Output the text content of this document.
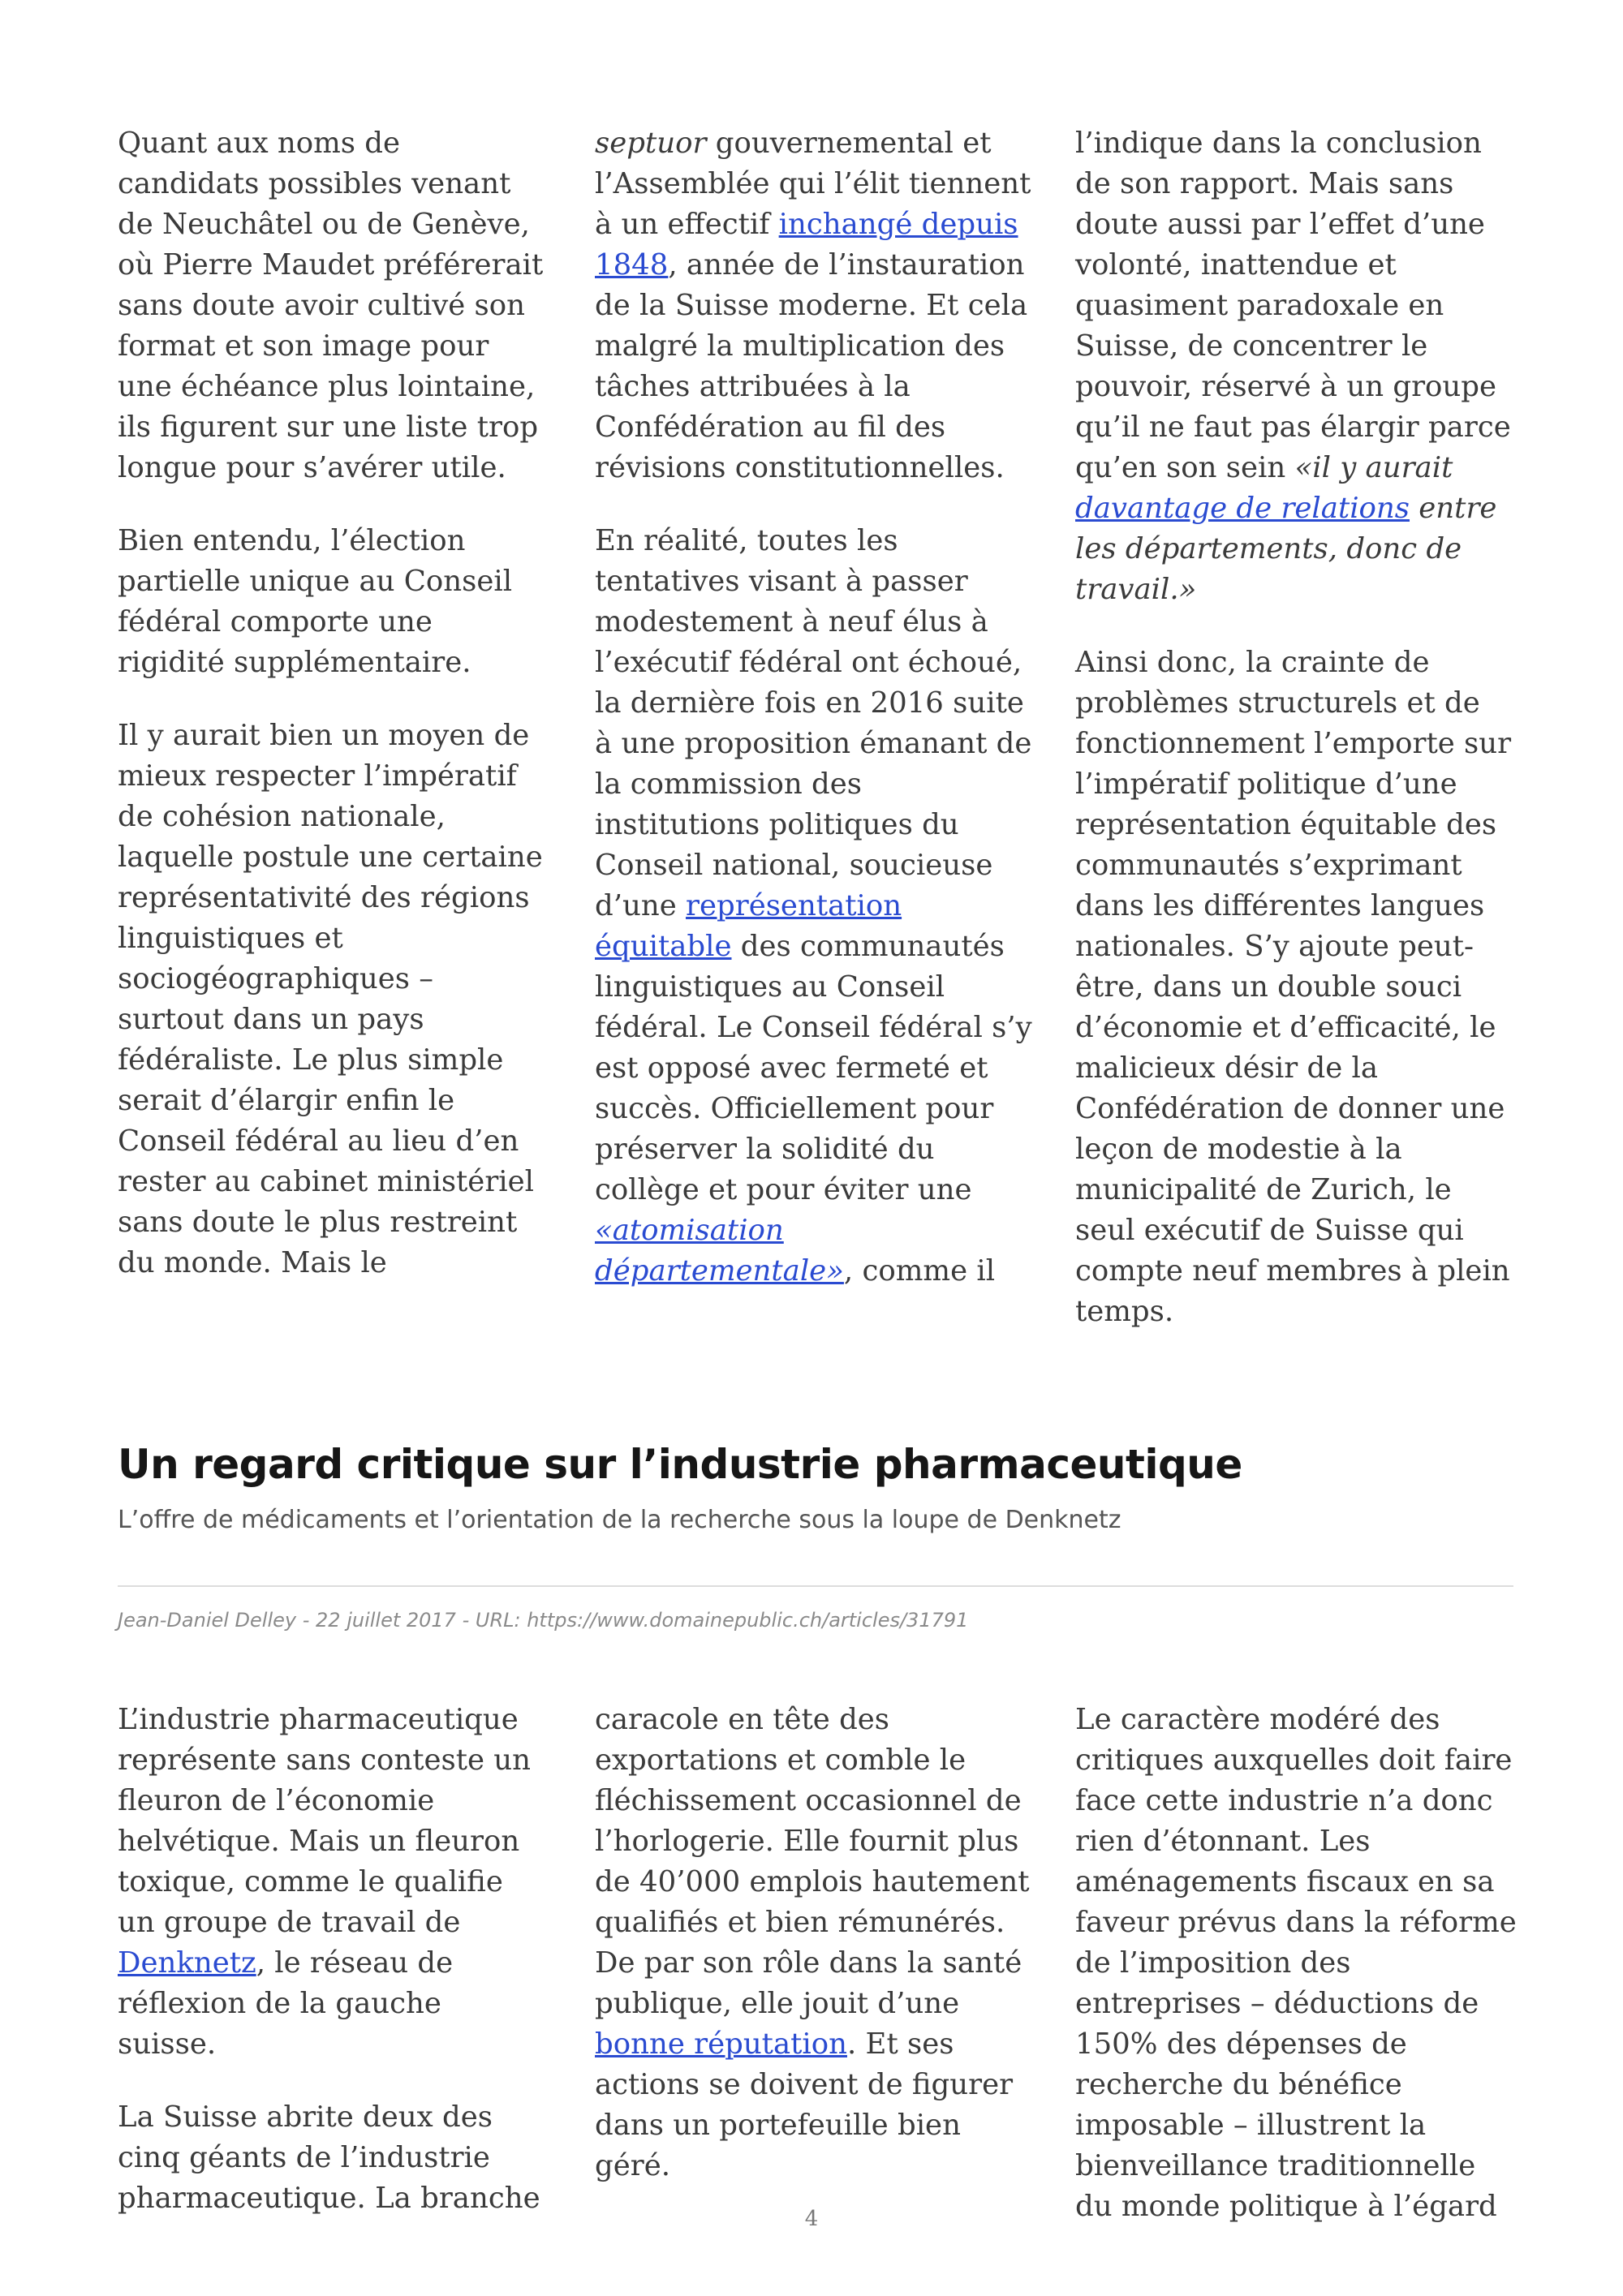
Quant aux noms de candidats possibles venant de Neuchâtel ou de Genève, où Pierre Maudet préférerait sans doute avoir cultivé son format et son image pour une échéance plus lointaine, ils figurent sur une liste trop longue pour s’avérer utile.

Bien entendu, l’élection partielle unique au Conseil fédéral comporte une rigidité supplémentaire.

Il y aurait bien un moyen de mieux respecter l’impératif de cohésion nationale, laquelle postule une certaine représentativité des régions linguistiques et sociogéographiques – surtout dans un pays fédéraliste. Le plus simple serait d’élargir enfin le Conseil fédéral au lieu d’en rester au cabinet ministériel sans doute le plus restreint du monde. Mais le

septuor gouvernemental et l’Assemblée qui l’élit tiennent à un effectif inchangé depuis 1848, année de l’instauration de la Suisse moderne. Et cela malgré la multiplication des tâches attribuées à la Confédération au fil des révisions constitutionnelles.

En réalité, toutes les tentatives visant à passer modestement à neuf élus à l’exécutif fédéral ont échoué, la dernière fois en 2016 suite à une proposition émanant de la commission des institutions politiques du Conseil national, soucieuse d’une représentation équitable des communautés linguistiques au Conseil fédéral. Le Conseil fédéral s’y est opposé avec fermeté et succès. Officiellement pour préserver la solidité du collège et pour éviter une «atomisation départementale», comme il

l’indique dans la conclusion de son rapport. Mais sans doute aussi par l’effet d’une volonté, inattendue et quasiment paradoxale en Suisse, de concentrer le pouvoir, réservé à un groupe qu’il ne faut pas élargir parce qu’en son sein «il y aurait davantage de relations entre les départements, donc de travail.»

Ainsi donc, la crainte de problèmes structurels et de fonctionnement l’emporte sur l’impératif politique d’une représentation équitable des communautés s’exprimant dans les différentes langues nationales. S’y ajoute peut-être, dans un double souci d’économie et d’efficacité, le malicieux désir de la Confédération de donner une leçon de modestie à la municipalité de Zurich, le seul exécutif de Suisse qui compte neuf membres à plein temps.

Un regard critique sur l’industrie pharmaceutique

L’offre de médicaments et l’orientation de la recherche sous la loupe de Denknetz

Jean-Daniel Delley - 22 juillet 2017 - URL: https://www.domainepublic.ch/articles/31791

L’industrie pharmaceutique représente sans conteste un fleuron de l’économie helvétique. Mais un fleuron toxique, comme le qualifie un groupe de travail de Denknetz, le réseau de réflexion de la gauche suisse.

La Suisse abrite deux des cinq géants de l’industrie pharmaceutique. La branche

caracole en tête des exportations et comble le fléchissement occasionnel de l’horlogerie. Elle fournit plus de 40’000 emplois hautement qualifiés et bien rémunérés. De par son rôle dans la santé publique, elle jouit d’une bonne réputation. Et ses actions se doivent de figurer dans un portefeuille bien géré.

Le caractère modéré des critiques auxquelles doit faire face cette industrie n’a donc rien d’étonnant. Les aménagements fiscaux en sa faveur prévus dans la réforme de l’imposition des entreprises – déductions de 150% des dépenses de recherche du bénéfice imposable – illustrent la bienveillance traditionnelle du monde politique à l’égard

4
